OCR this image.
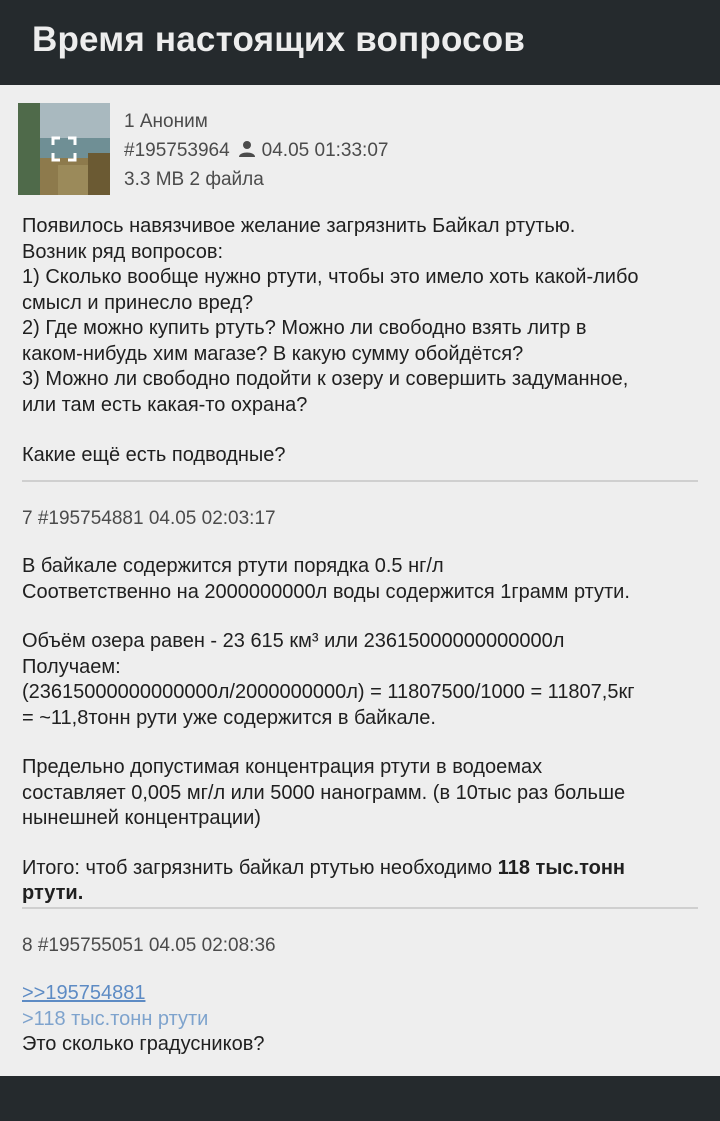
Время настоящих вопросов
1 Аноним
#195753964 04.05 01:33:07
3.3 MB 2 файла

Появилось навязчивое желание загрязнить Байкал ртутью.

Возник ряд вопросов:

1) Сколько вообще нужно ртути, чтобы это имело хоть какой-либо

смысл и принесло вред?

2) Где можно купить ртуть? Можно ли свободно взять литр в

каком-нибудь хим магазе? В какую сумму обойдётся?

3) Можно ли свободно подойти к озеру и совершить задуманное,

или там есть какая-то охрана?

Какие ещё есть подводные?

7 #195754881 04.05 02:03:17

В байкале содержится ртути порядка 0.5 нг/л

Соответственно на 2000000000л воды содержится 1грамм ртути.

Объём озера равен - 23 615 км³ или 23615000000000000л

Получаем:

(23615000000000000л/2000000000л) = 11807500/1000 = 11807,5кг

= ~11,8тонн рути уже содержится в байкале.

Предельно допустимая концентрация ртути в водоемах

составляет 0,005 мг/л или 5000 нанограмм. (в 10тыс раз больше

нынешней концентрации)

Итого: чтоб загрязнить байкал ртутью необходимо 118 тыс.тонн

ртути.

8 #195755051 04.05 02:08:36

>>195754881

>118 тыс.тонн ртути

Это сколько градусников?
